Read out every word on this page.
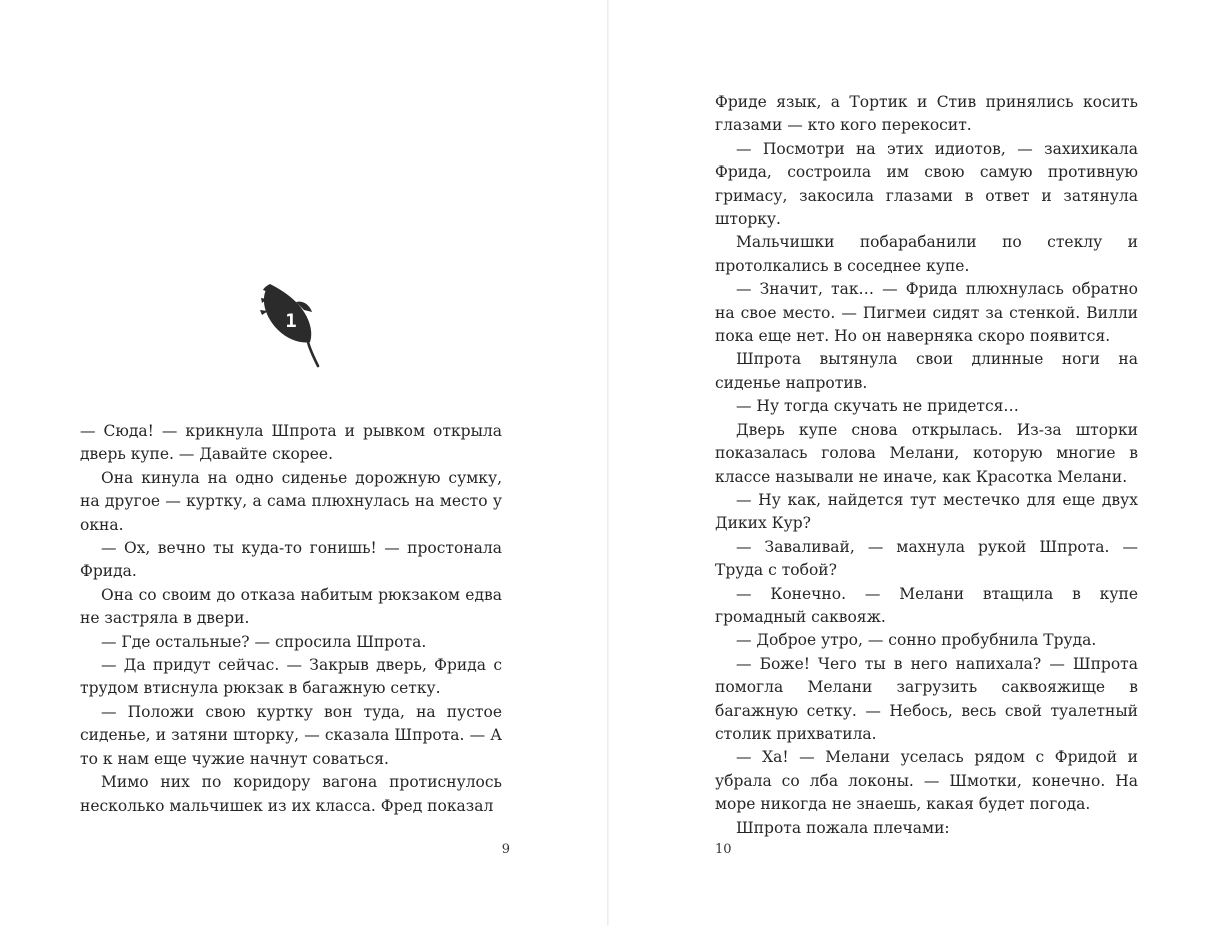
1

— Сюда! — крикнула Шпрота и рывком открыла дверь купе. — Давайте скорее.

Она кинула на одно сиденье дорожную сумку, на другое — куртку, а сама плюхнулась на место у окна.

— Ох, вечно ты куда-то гонишь! — простонала Фрида.

Она со своим до отказа набитым рюкзаком едва не застряла в двери.

— Где остальные? — спросила Шпрота.

— Да придут сейчас. — Закрыв дверь, Фрида с трудом втиснула рюкзак в багажную сетку.

— Положи свою куртку вон туда, на пустое сиденье, и затяни шторку, — сказала Шпрота. — А то к нам еще чужие начнут соваться.

Мимо них по коридору вагона протиснулось несколько мальчишек из их класса. Фред показал

9

Фриде язык, а Тортик и Стив принялись косить глазами — кто кого перекосит.

— Посмотри на этих идиотов, — захихикала Фрида, состроила им свою самую противную гримасу, закосила глазами в ответ и затянула шторку.

Мальчишки побарабанили по стеклу и протолкались в соседнее купе.

— Значит, так… — Фрида плюхнулась обратно на свое место. — Пигмеи сидят за стенкой. Вилли пока еще нет. Но он наверняка скоро появится.

Шпрота вытянула свои длинные ноги на сиденье напротив.

— Ну тогда скучать не придется…

Дверь купе снова открылась. Из-за шторки показалась голова Мелани, которую многие в классе называли не иначе, как Красотка Мелани.

— Ну как, найдется тут местечко для еще двух Диких Кур?

— Заваливай, — махнула рукой Шпрота. — Труда с тобой?

— Конечно. — Мелани втащила в купе громадный саквояж.

— Доброе утро, — сонно пробубнила Труда.

— Боже! Чего ты в него напихала? — Шпрота помогла Мелани загрузить саквояжище в багажную сетку. — Небось, весь свой туалетный столик прихватила.

— Ха! — Мелани уселась рядом с Фридой и убрала со лба локоны. — Шмотки, конечно. На море никогда не знаешь, какая будет погода.

Шпрота пожала плечами:

10
